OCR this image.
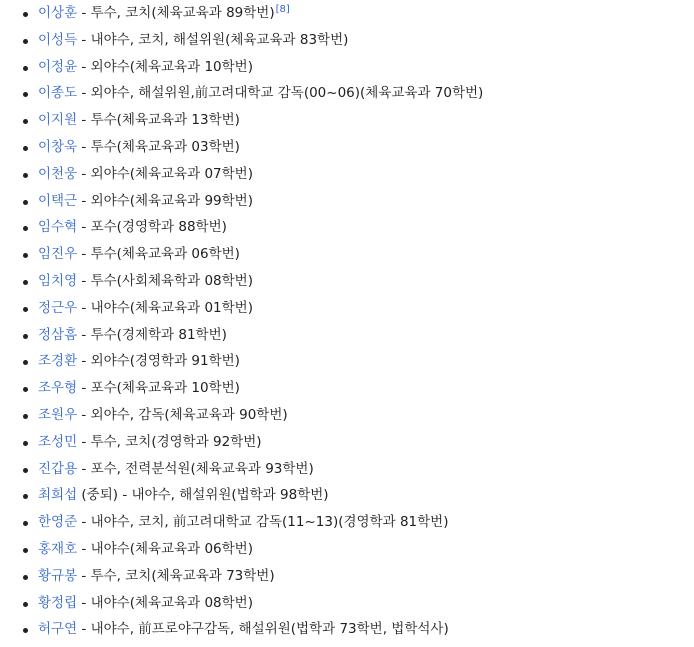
이상훈 - 투수, 코치(체육교육과 89학번)[8]
이성득 - 내야수, 코치, 해설위원(체육교육과 83학번)
이정윤 - 외야수(체육교육과 10학번)
이종도 - 외야수, 해설위원,前고려대학교 감독(00~06)(체육교육과 70학번)
이지원 - 투수(체육교육과 13학번)
이창욱 - 투수(체육교육과 03학번)
이천웅 - 외야수(체육교육과 07학번)
이택근 - 외야수(체육교육과 99학번)
임수혁 - 포수(경영학과 88학번)
임진우 - 투수(체육교육과 06학번)
임치영 - 투수(사회체육학과 08학번)
정근우 - 내야수(체육교육과 01학번)
정삼흠 - 투수(경제학과 81학번)
조경환 - 외야수(경영학과 91학번)
조우형 - 포수(체육교육과 10학번)
조원우 - 외야수, 감독(체육교육과 90학번)
조성민 - 투수, 코치(경영학과 92학번)
진갑용 - 포수, 전력분석원(체육교육과 93학번)
최희섭 (중퇴) - 내야수, 해설위원(법학과 98학번)
한영준 - 내야수, 코치, 前고려대학교 감독(11~13)(경영학과 81학번)
홍재호 - 내야수(체육교육과 06학번)
황규봉 - 투수, 코치(체육교육과 73학번)
황정립 - 내야수(체육교육과 08학번)
허구연 - 내야수, 前프로야구감독, 해설위원(법학과 73학번, 법학석사)
